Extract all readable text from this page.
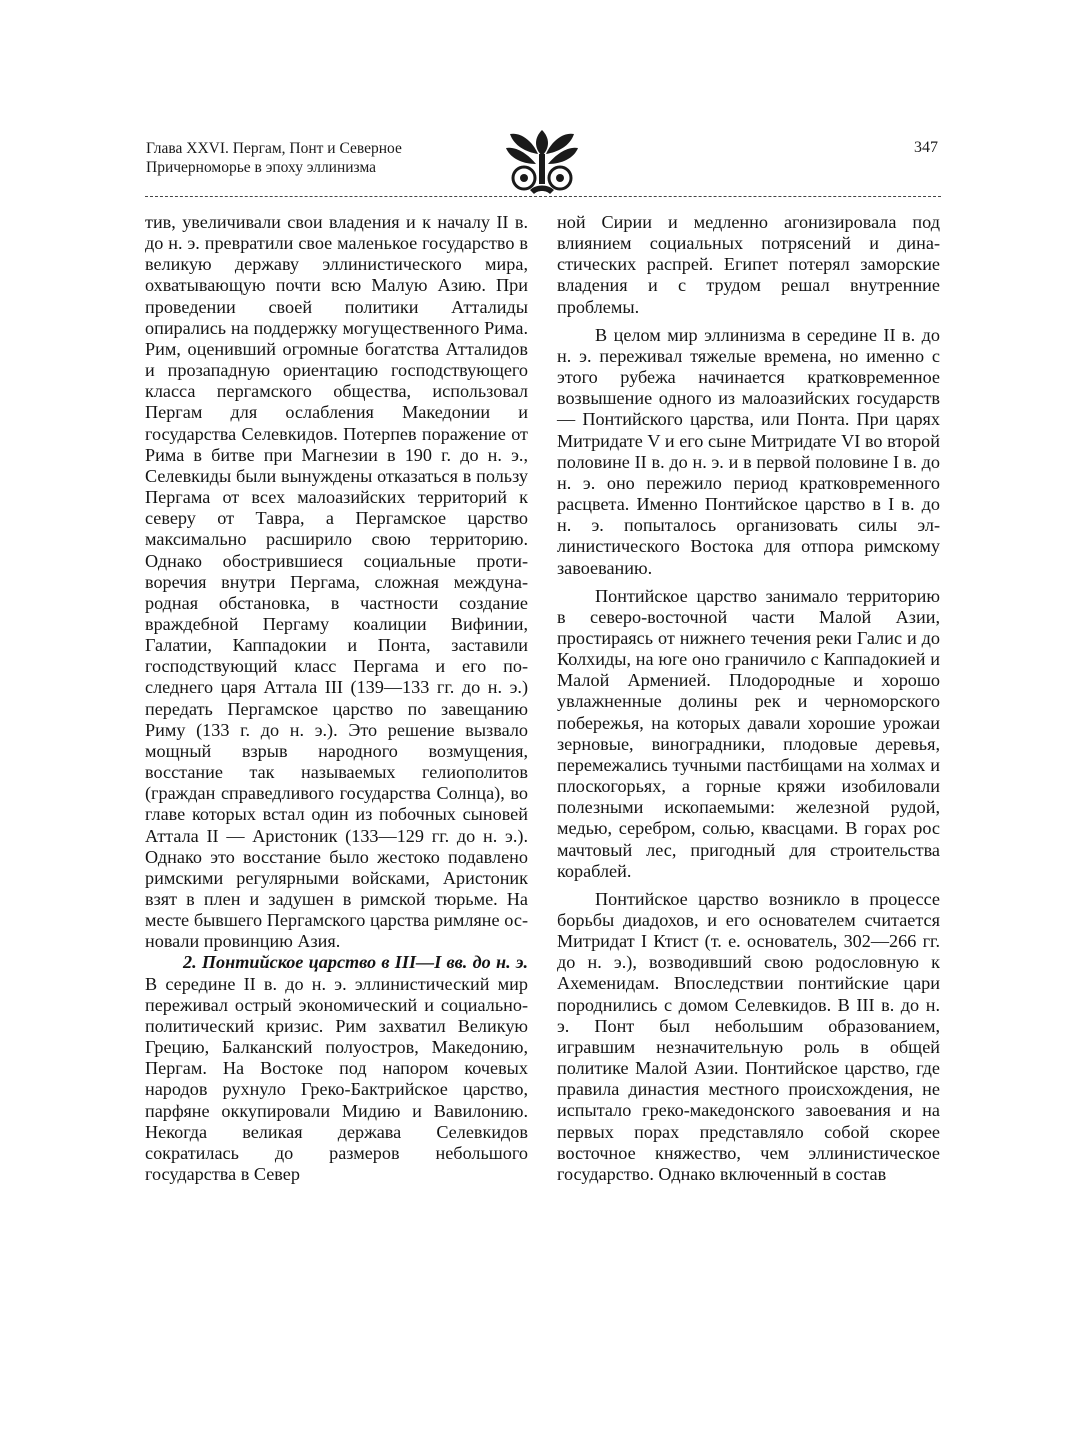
Глава XXVI. Пергам, Понт и Северное
Причерноморье в эпоху эллинизма
347

тив, увеличивали свои владения и к началу II в. до н. э. превратили свое маленькое государство в великую державу эллинистического мира, охватывающую почти всю Малую Азию. При проведении своей политики Атталиды опирались на поддержку могущественного Рима. Рим, оценивший огромные богатства Атталидов и прозападную ориентацию господствующего класса пергамского общества, использовал Пергам для ослабления Македонии и государства Селевкидов. Потерпев поражение от Рима в битве при Магнезии в 190 г. до н. э., Селевкиды были вынуждены отказаться в пользу Пергама от всех малоазийских территорий к северу от Тавра, а Пергамское царство максимально расширило свою территорию. Однако обострившиеся социальные противоречия внутри Пергама, сложная международная обстановка, в частности создание враждебной Пергаму коалиции Вифинии, Галатии, Каппадокии и Понта, заставили господствующий класс Пергама и его последнего царя Аттала III (139—133 гг. до н. э.) передать Пергамское царство по завещанию Риму (133 г. до н. э.). Это решение вызвало мощный взрыв народного возмущения, восстание так называемых гелиополитов (граждан справедливого государства Солнца), во главе которых встал один из побочных сыновей Аттала II — Аристоник (133—129 гг. до н. э.). Однако это восстание было жестоко подавлено римскими регулярными войсками, Аристоник взят в плен и задушен в римской тюрьме. На месте бывшего Пергамского царства римляне основали провинцию Азия.

2. Понтийское царство в III—I вв. до н. э. В середине II в. до н. э. эллинистический мир переживал острый экономический и социально-политический кризис. Рим захватил Великую Грецию, Балканский полуостров, Македонию, Пергам. На Востоке под напором кочевых народов рухнуло Греко-Бактрийское царство, парфяне оккупировали Мидию и Вавилонию. Некогда великая держава Селевкидов сократилась до размеров небольшого государства в Север

ной Сирии и медленно агонизировала под влиянием социальных потрясений и династических распрей. Египет потерял заморские владения и с трудом решал внутренние проблемы.

В целом мир эллинизма в середине II в. до н. э. переживал тяжелые времена, но именно с этого рубежа начинается кратковременное возвышение одного из малоазийских государств — Понтийского царства, или Понта. При царях Митридате V и его сыне Митридате VI во второй половине II в. до н. э. и в первой половине I в. до н. э. оно пережило период кратковременного расцвета. Именно Понтийское царство в I в. до н. э. попыталось организовать силы эллинистического Востока для отпора римскому завоеванию.

Понтийское царство занимало территорию в северо-восточной части Малой Азии, простираясь от нижнего течения реки Галис и до Колхиды, на юге оно граничило с Каппадокией и Малой Арменией. Плодородные и хорошо увлажненные долины рек и черноморского побережья, на которых давали хорошие урожаи зерновые, виноградники, плодовые деревья, перемежались тучными пастбищами на холмах и плоскогорьях, а горные кряжи изобиловали полезными ископаемыми: железной рудой, медью, серебром, солью, квасцами. В горах рос мачтовый лес, пригодный для строительства кораблей.

Понтийское царство возникло в процессе борьбы диадохов, и его основателем считается Митридат I Ктист (т. е. основатель, 302—266 гг. до н. э.), возводивший свою родословную к Ахеменидам. Впоследствии понтийские цари породнились с домом Селевкидов. В III в. до н. э. Понт был небольшим образованием, игравшим незначительную роль в общей политике Малой Азии. Понтийское царство, где правила династия местного происхождения, не испытало греко-македонского завоевания и на первых порах представляло собой скорее восточное княжество, чем эллинистическое государство. Однако включенный в состав
